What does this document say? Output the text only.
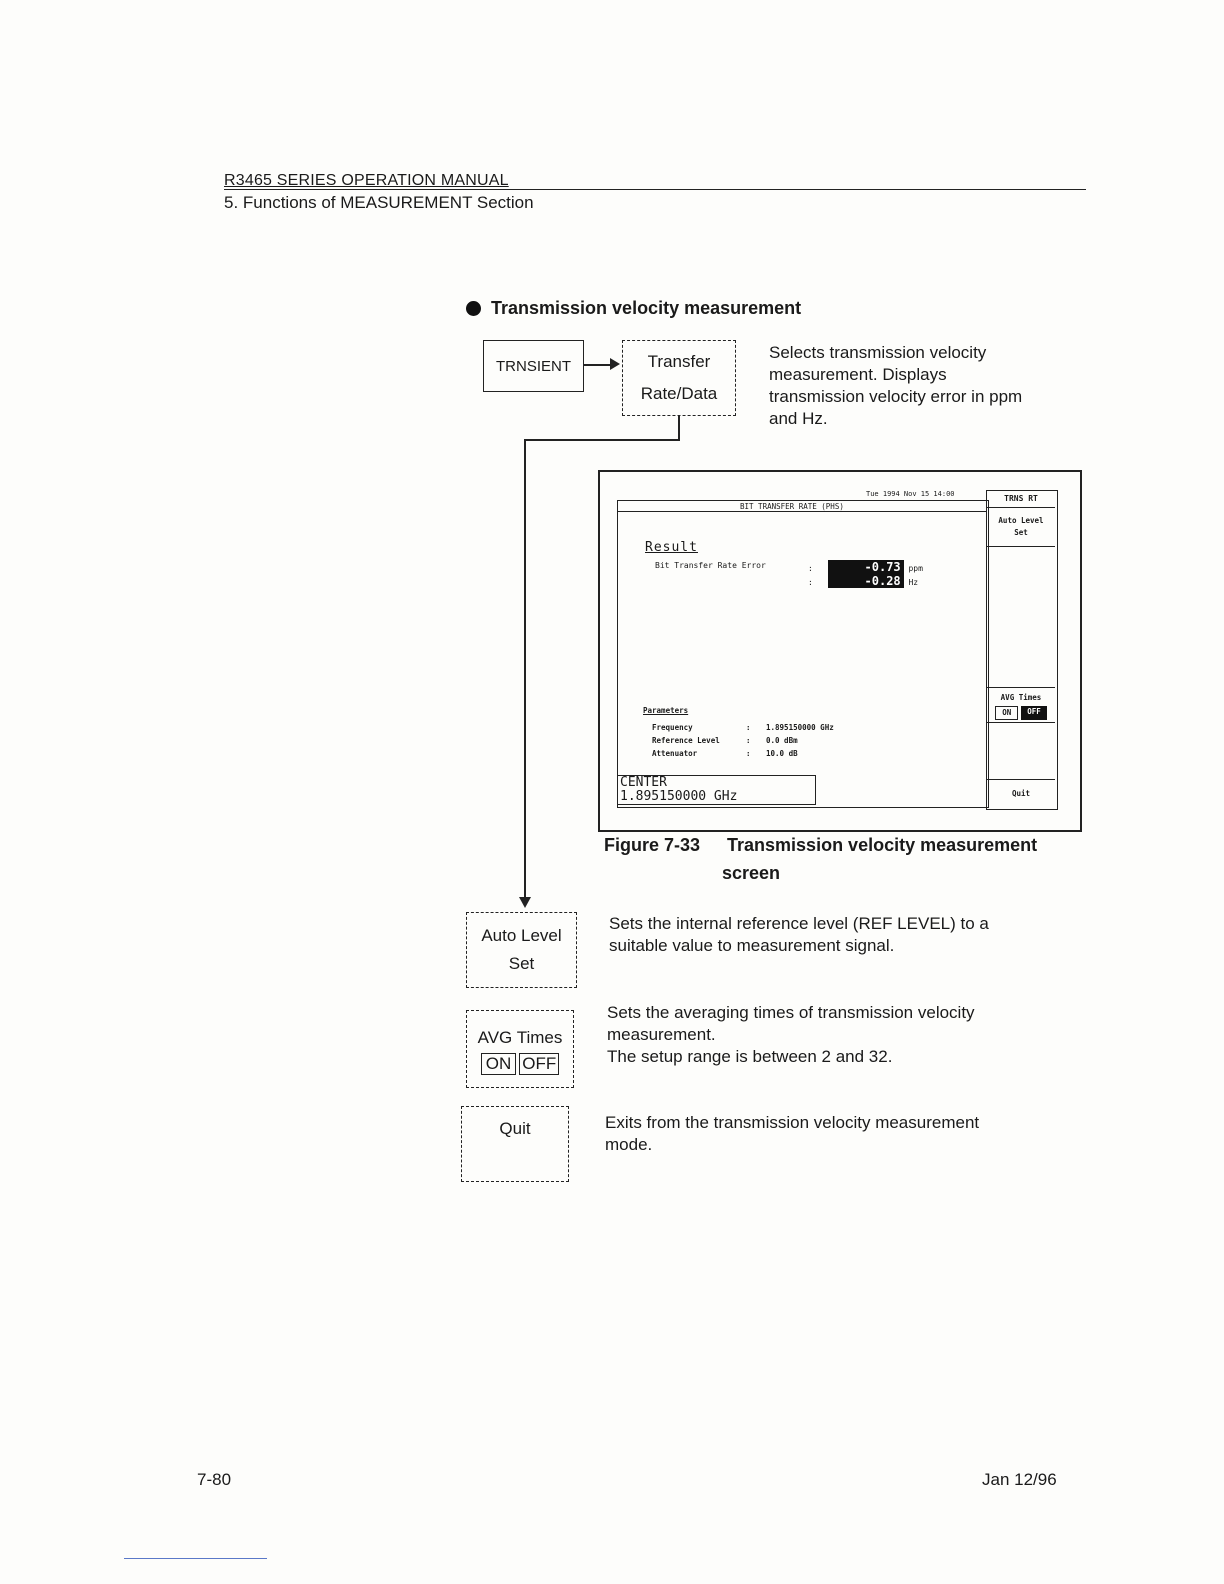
R3465 SERIES OPERATION MANUAL
5. Functions of MEASUREMENT Section
Transmission velocity measurement
TRNSIENT	Transfer
Rate/Data
Selects transmission velocity
measurement. Displays
transmission velocity error in ppm
and Hz.
Tue 1994 Nov 15 14:00
BIT TRANSFER RATE (PHS)
Result
Bit Transfer Rate Error	:	-0.73 ppm
:	-0.28 Hz
Parameters
Frequency	:	1.895150000 GHz
Reference Level	:	0.0 dBm
Attenuator	:	10.0 dB
CENTER
1.895150000 GHz
TRNS RT
Auto Level
Set
AVG Times
ON	OFF
Quit
Figure 7-33 Transmission velocity measurement
screen
Auto Level
Set
Sets the internal reference level (REF LEVEL) to a
suitable value to measurement signal.
AVG Times
ON OFF
Sets the averaging times of transmission velocity
measurement.
The setup range is between 2 and 32.
Quit	Exits from the transmission velocity measurement
mode.
7-80	Jan 12/96
